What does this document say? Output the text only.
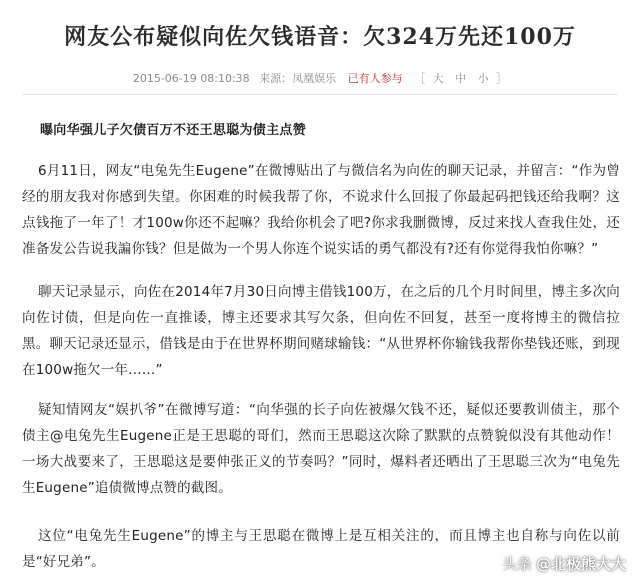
网友公布疑似向佐欠钱语音：欠324万先还100万
2015-06-19 08:10:38 来源：凤凰娱乐 已有人参与 ［ 大 中 小 ］
曝向华强儿子欠债百万不还王思聪为债主点赞

6月11日，网友“电兔先生Eugene”在微博贴出了与微信名为向佐的聊天记录，并留言：“作为曾经的朋友我对你感到失望。你困难的时候我帮了你，不说求什么回报了你最起码把钱还给我啊？这点钱拖了一年了！才100w你还不起嘛？我给你机会了吧?你求我删微博，反过来找人查我住处，还准备发公告说我諞你钱？但是做为一个男人你连个说实话的勇气都没有?还有你觉得我怕你嘛？”

聊天记录显示，向佐在2014年7月30日向博主借钱100万，在之后的几个月时间里，博主多次向向佐讨债，但是向佐一直推诿，博主还要求其写欠条，但向佐不回复，甚至一度将博主的微信拉黑。聊天记录还显示，借钱是由于在世界杯期间赌球输钱：“从世界杯你输钱我帮你垫钱还账，到现在100w拖欠一年……”

疑知情网友“娱扒爷”在微博写道：“向华强的长子向佐被爆欠钱不还，疑似还要教训债主，那个债主@电兔先生Eugene正是王思聪的哥们，然而王思聪这次除了默默的点赞貌似没有其他动作！一场大战要来了，王思聪这是要伸张正义的节奏吗？”同时，爆料者还晒出了王思聪三次为“电兔先生Eugene”追债微博点赞的截图。

这位“电兔先生Eugene”的博主与王思聪在微博上是互相关注的，而且博主也自称与向佐以前是“好兄弟”。	头条 @北极熊大大
